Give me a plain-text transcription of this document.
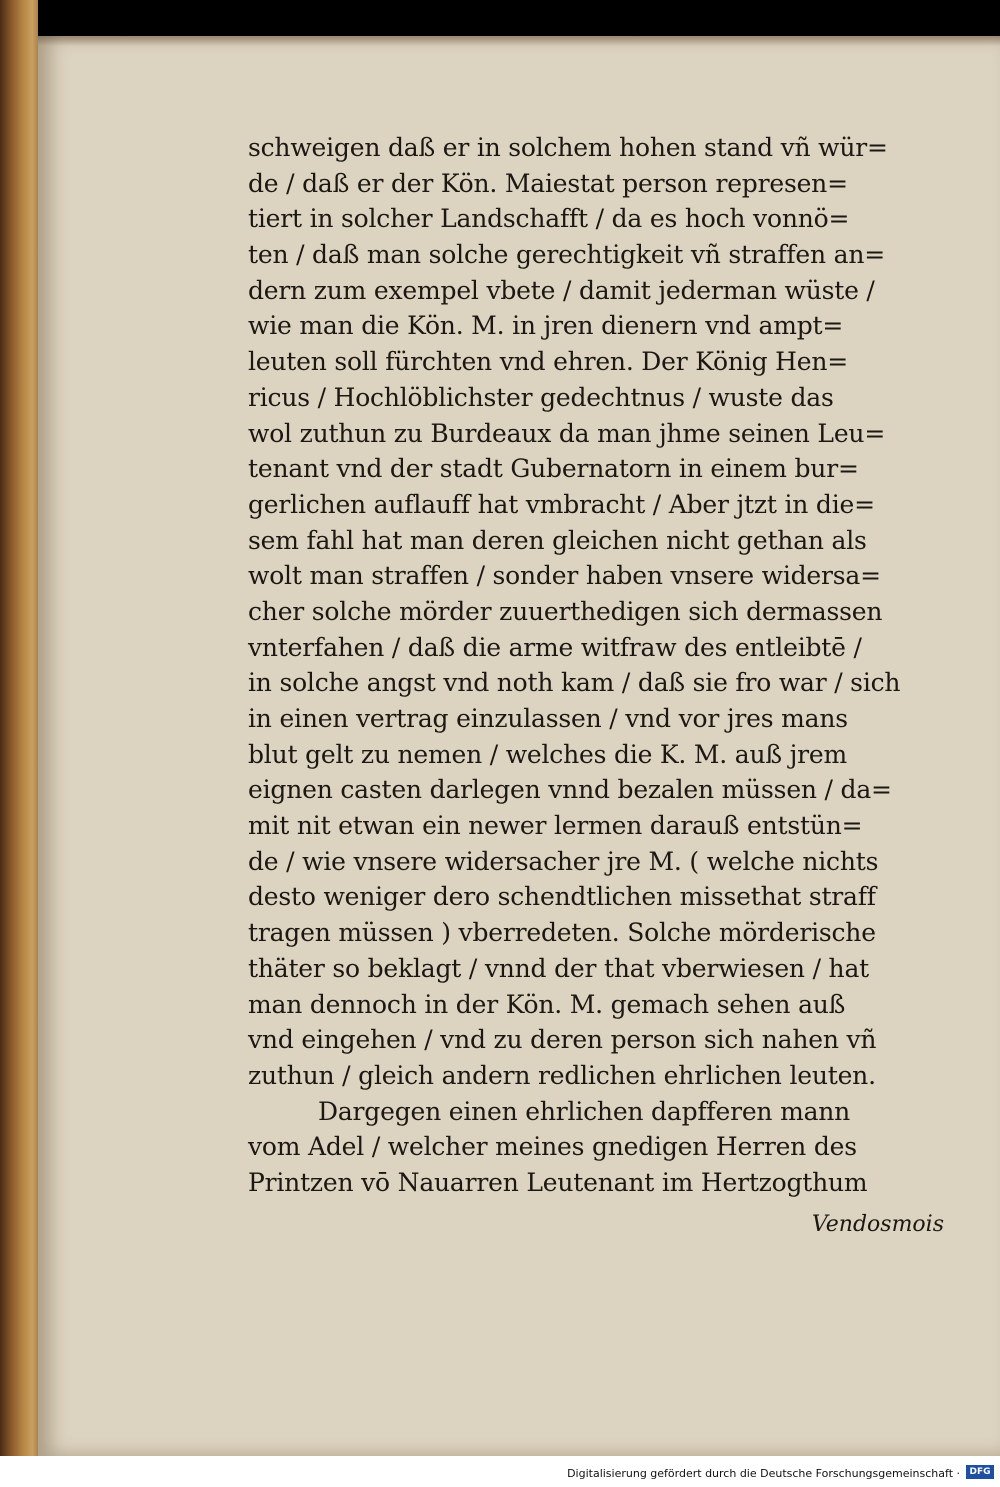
schweigen daß er in solchem hohen stand vñ wür=
de / daß er der Kön. Maiestat person represen=
tiert in solcher Landschafft / da es hoch vonnö=
ten / daß man solche gerechtigkeit vñ straffen an=
dern zum exempel vbete / damit jederman wüste /
wie man die Kön. M. in jren dienern vnd ampt=
leuten soll fürchten vnd ehren. Der König Hen=
ricus / Hochlöblichster gedechtnus / wuste das
wol zuthun zu Burdeaux da man jhme seinen Leu=
tenant vnd der stadt Gubernatorn in einem bur=
gerlichen auflauff hat vmbracht / Aber jtzt in die=
sem fahl hat man deren gleichen nicht gethan als
wolt man straffen / sonder haben vnsere widersa=
cher solche mörder zuuerthedigen sich dermassen
vnterfahen / daß die arme witfraw des entleibtē /
in solche angst vnd noth kam / daß sie fro war / sich
in einen vertrag einzulassen / vnd vor jres mans
blut gelt zu nemen / welches die K. M. auß jrem
eignen casten darlegen vnnd bezalen müssen / da=
mit nit etwan ein newer lermen darauß entstün=
de / wie vnsere widersacher jre M. ( welche nichts
desto weniger dero schendtlichen missethat straff
tragen müssen ) vberredeten. Solche mörderische
thäter so beklagt / vnnd der that vberwiesen / hat
man dennoch in der Kön. M. gemach sehen auß
vnd eingehen / vnd zu deren person sich nahen vñ
zuthun / gleich andern redlichen ehrlichen leuten.
Dargegen einen ehrlichen dapfferen mann
vom Adel / welcher meines gnedigen Herren des
Printzen vō Nauarren Leutenant im Hertzogthum
Vendosmois
Digitalisierung gefördert durch die Deutsche Forschungsgemeinschaft ·	DFG
